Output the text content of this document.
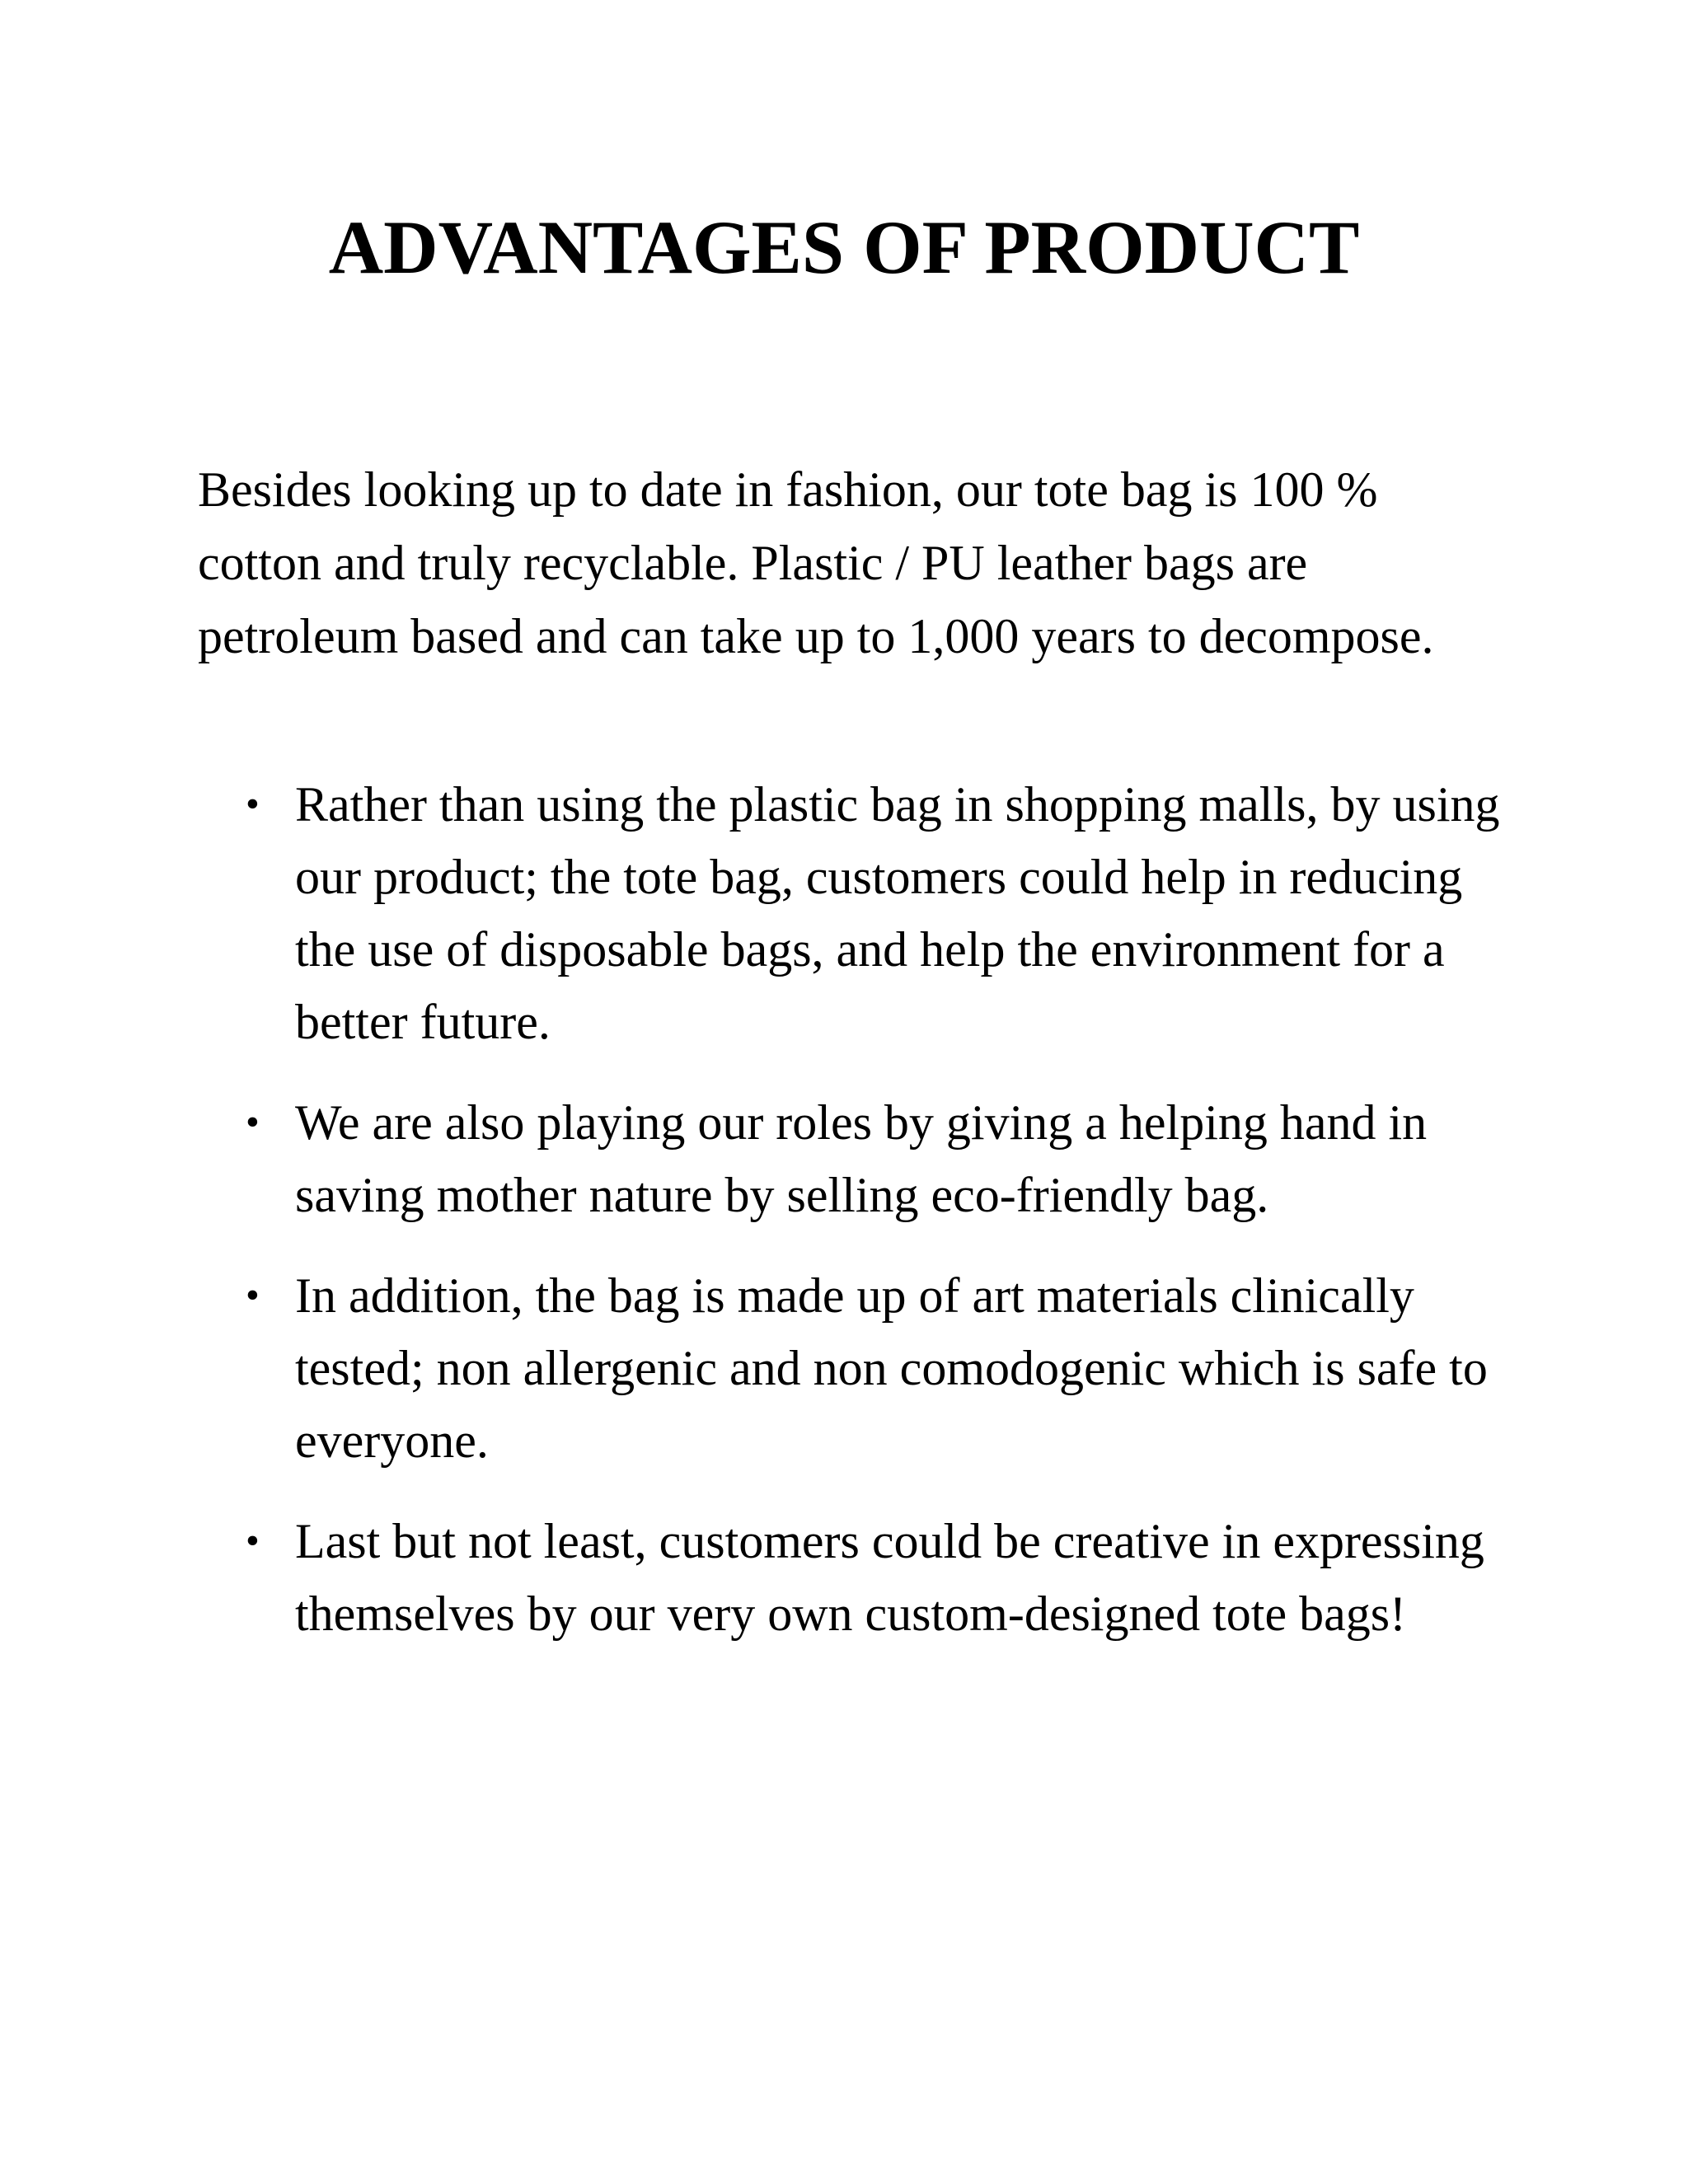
ADVANTAGES OF PRODUCT

Besides looking up to date in fashion, our tote bag is 100 % cotton and truly recyclable. Plastic / PU leather bags are petroleum based and can take up to 1,000 years to decompose.

• Rather than using the plastic bag in shopping malls, by using our product; the tote bag, customers could help in reducing the use of disposable bags, and help the environment for a better future.
• We are also playing our roles by giving a helping hand in saving mother nature by selling eco-friendly bag.
• In addition, the bag is made up of art materials clinically tested; non allergenic and non comodogenic which is safe to everyone.
• Last but not least, customers could be creative in expressing themselves by our very own custom-designed tote bags!
